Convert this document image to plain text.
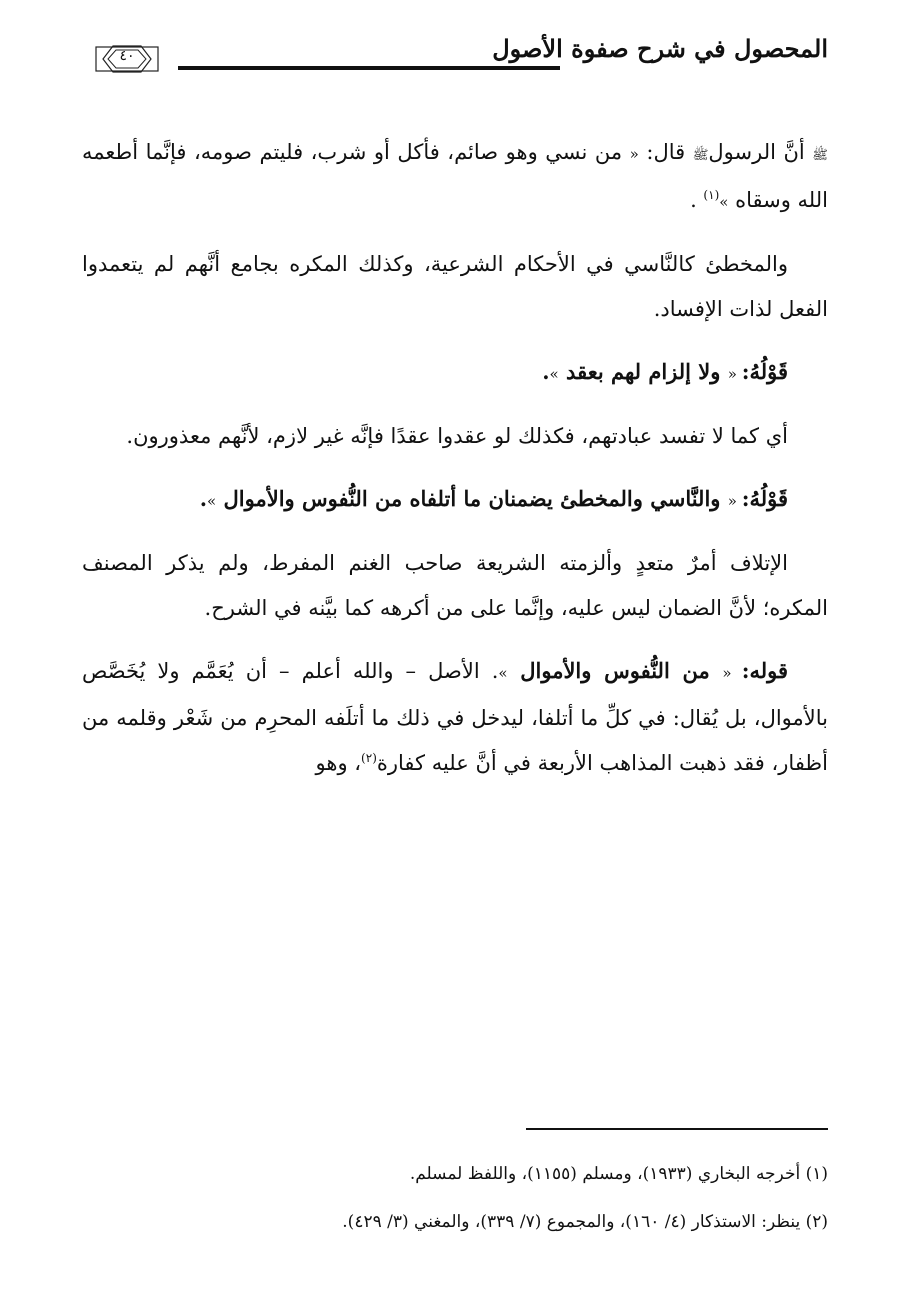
المحصول في شرح صفوة الأصول
٤٠

ﷺ أنَّ الرسولﷺ قال: « من نسي وهو صائم، فأكل أو شرب، فليتم صومه، فإنَّما أطعمه الله وسقاه »$^{(١)}$ .

والمخطئ كالنَّاسي في الأحكام الشرعية، وكذلك المكره بجامع أنَّهم لم يتعمدوا الفعل لذات الإفساد.

قَوْلُهُ: « ولا إلزام لهم بعقد ».

أي كما لا تفسد عبادتهم، فكذلك لو عقدوا عقدًا فإنَّه غير لازم، لأنَّهم معذورون.

قَوْلُهُ: « والنَّاسي والمخطئ يضمنان ما أتلفاه من النُّفوس والأموال ».

الإتلاف أمرٌ متعدٍ وألزمته الشريعة صاحب الغنم المفرط، ولم يذكر المصنف المكره؛ لأنَّ الضمان ليس عليه، وإنَّما على من أكرهه كما بيَّنه في الشرح.

قوله: « من النُّفوس والأموال ». الأصل – والله أعلم – أن يُعَمَّم ولا يُخَصَّص بالأموال، بل يُقال: في كلِّ ما أتلفا، ليدخل في ذلك ما أتلَفه المحرِم من شَعْر وقلمه من أظفار، فقد ذهبت المذاهب الأربعة في أنَّ عليه كفارة$^{(٢)}$، وهو

(١) أخرجه البخاري (١٩٣٣)، ومسلم (١١٥٥)، واللفظ لمسلم.

(٢) ينظر: الاستذكار (٤/ ١٦٠)، والمجموع (٧/ ٣٣٩)، والمغني (٣/ ٤٢٩).
